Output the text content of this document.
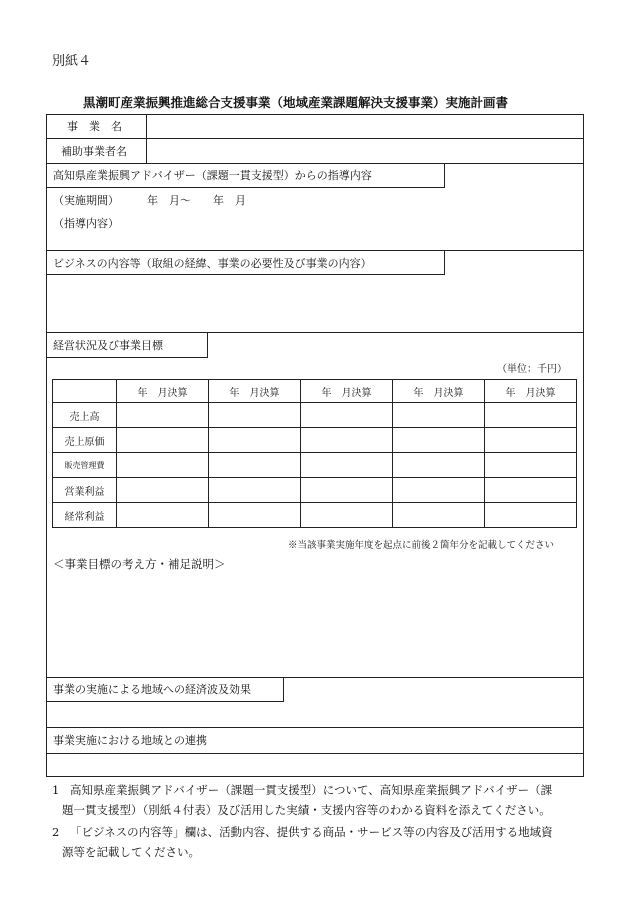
別紙４
黒潮町産業振興推進総合支援事業（地域産業課題解決支援事業）実施計画書
事　業　名
補助事業者名
高知県産業振興アドバイザー（課題一貫支援型）からの指導内容
（実施期間）	年　月～　　年　月
（指導内容）
ビジネスの内容等（取組の経緯、事業の必要性及び事業の内容）
経営状況及び事業目標
（単位：千円）
	年　月決算	年　月決算	年　月決算	年　月決算	年　月決算
売上高					
売上原価					
販売管理費					
営業利益					
経常利益					
※当該事業実施年度を起点に前後２箇年分を記載してください
＜事業目標の考え方・補足説明＞
事業の実施による地域への経済波及効果
事業実施における地域との連携
1 高知県産業振興アドバイザー（課題一貫支援型）について、高知県産業振興アドバイザー（課
題一貫支援型）（別紙４付表）及び活用した実績・支援内容等のわかる資料を添えてください。
2 「ビジネスの内容等」欄は、活動内容、提供する商品・サービス等の内容及び活用する地域資
源等を記載してください。
